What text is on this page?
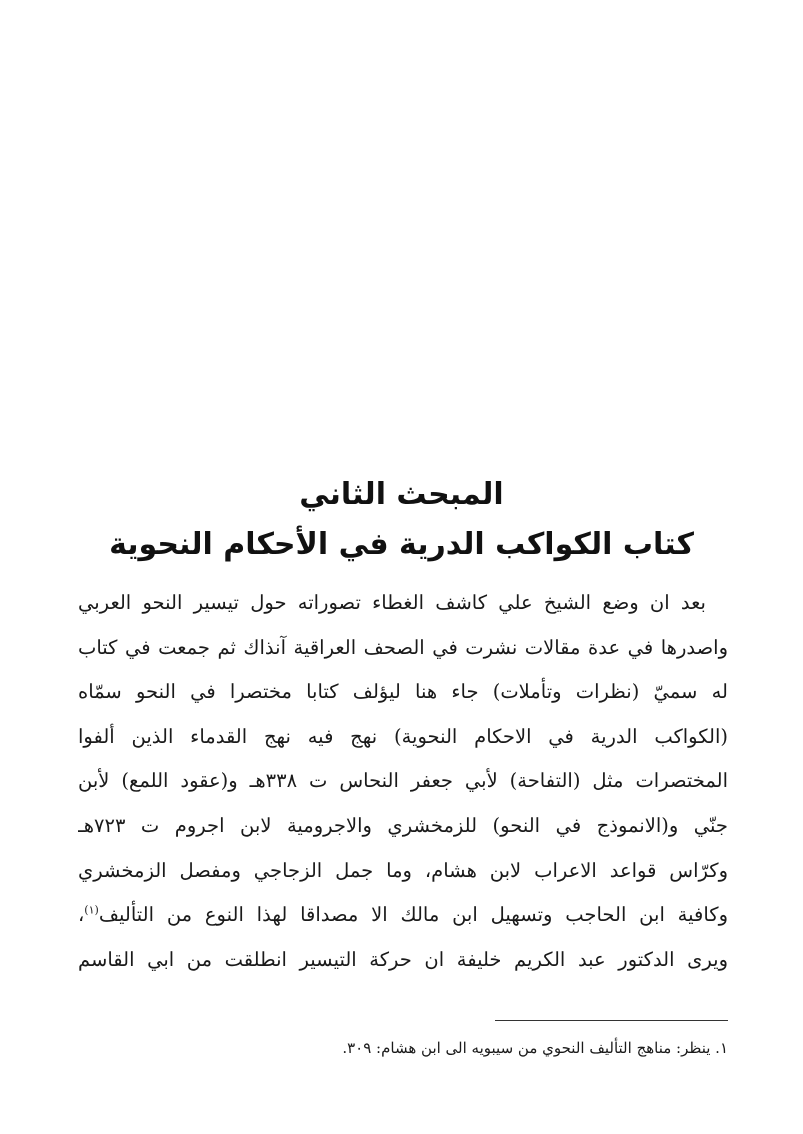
المبحث الثاني
كتاب الكواكب الدرية في الأحكام النحوية
بعد ان وضع الشيخ علي كاشف الغطاء تصوراته حول تيسير النحو العربي
واصدرها في عدة مقالات نشرت في الصحف العراقية آنذاك ثم جمعت في كتاب
له سميّ (نظرات وتأملات) جاء هنا ليؤلف كتابا مختصرا في النحو سمّاه
(الكواكب الدرية في الاحكام النحوية) نهج فيه نهج القدماء الذين ألفوا
المختصرات مثل (التفاحة) لأبي جعفر النحاس ت ٣٣٨هـ و(عقود اللمع) لأبن
جنّي و(الانموذج في النحو) للزمخشري والاجرومية لابن اجروم ت ٧٢٣هـ
وكرّاس قواعد الاعراب لابن هشام، وما جمل الزجاجي ومفصل الزمخشري
وكافية ابن الحاجب وتسهيل ابن مالك الا مصداقا لهذا النوع من التأليف$^{(١)}$،
ويرى الدكتور عبد الكريم خليفة ان حركة التيسير انطلقت من ابي القاسم
١. ينظر: مناهج التأليف النحوي من سيبويه الى ابن هشام: ٣٠٩.
